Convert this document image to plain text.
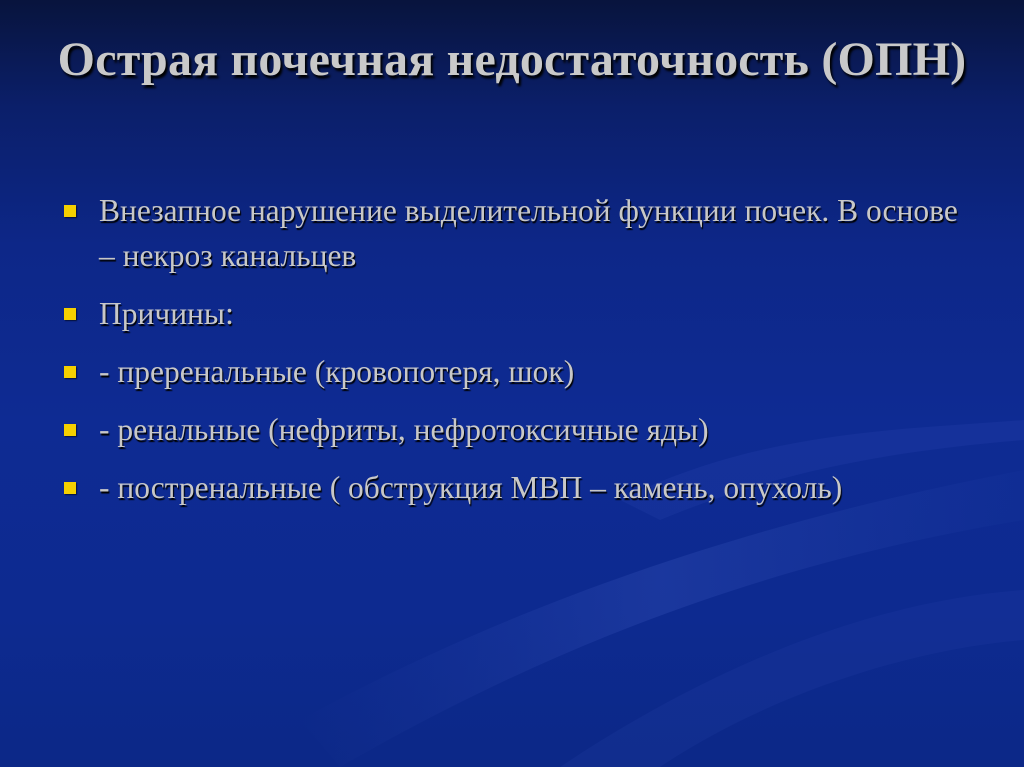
Острая почечная недостаточность (ОПН)
Внезапное нарушение выделительной функции почек. В основе – некроз канальцев
Причины:
- преренальные (кровопотеря, шок)
- ренальные (нефриты, нефротоксичные яды)
- постренальные ( обструкция МВП – камень, опухоль)
